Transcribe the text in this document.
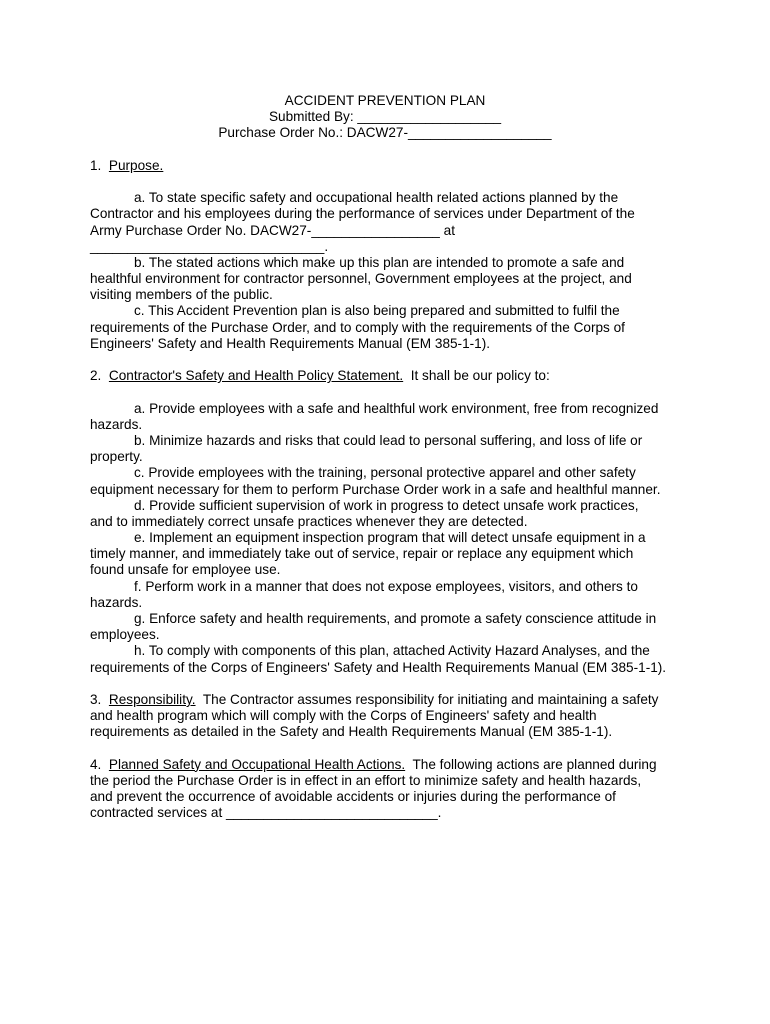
ACCIDENT PREVENTION PLAN
Submitted By: ___________________
Purchase Order No.: DACW27-___________________
1. Purpose.
a. To state specific safety and occupational health related actions planned by the
Contractor and his employees during the performance of services under Department of the
Army Purchase Order No. DACW27-_________________ at
_______________________________.
b. The stated actions which make up this plan are intended to promote a safe and
healthful environment for contractor personnel, Government employees at the project, and
visiting members of the public.
c. This Accident Prevention plan is also being prepared and submitted to fulfil the
requirements of the Purchase Order, and to comply with the requirements of the Corps of
Engineers' Safety and Health Requirements Manual (EM 385-1-1).
2. Contractor's Safety and Health Policy Statement.  It shall be our policy to:
a. Provide employees with a safe and healthful work environment, free from recognized
hazards.
b. Minimize hazards and risks that could lead to personal suffering, and loss of life or
property.
c. Provide employees with the training, personal protective apparel and other safety
equipment necessary for them to perform Purchase Order work in a safe and healthful manner.
d. Provide sufficient supervision of work in progress to detect unsafe work practices,
and to immediately correct unsafe practices whenever they are detected.
e. Implement an equipment inspection program that will detect unsafe equipment in a
timely manner, and immediately take out of service, repair or replace any equipment which
found unsafe for employee use.
f. Perform work in a manner that does not expose employees, visitors, and others to
hazards.
g. Enforce safety and health requirements, and promote a safety conscience attitude in
employees.
h. To comply with components of this plan, attached Activity Hazard Analyses, and the
requirements of the Corps of Engineers' Safety and Health Requirements Manual (EM 385-1-1).
3. Responsibility.  The Contractor assumes responsibility for initiating and maintaining a safety
and health program which will comply with the Corps of Engineers' safety and health
requirements as detailed in the Safety and Health Requirements Manual (EM 385-1-1).
4. Planned Safety and Occupational Health Actions.  The following actions are planned during
the period the Purchase Order is in effect in an effort to minimize safety and health hazards,
and prevent the occurrence of avoidable accidents or injuries during the performance of
contracted services at ____________________________.
